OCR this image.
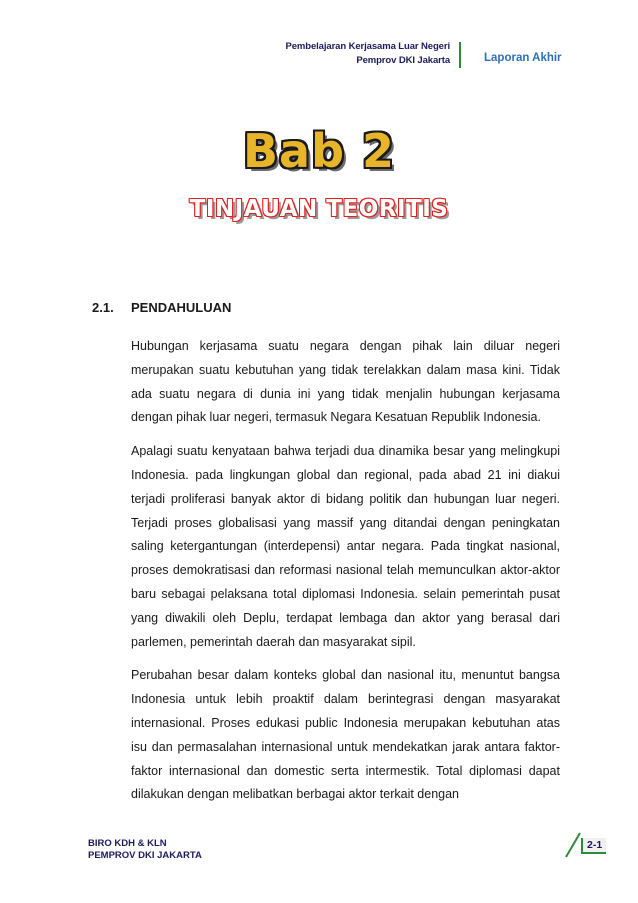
Pembelajaran Kerjasama Luar Negeri
Pemprov DKI Jakarta	Laporan Akhir
Bab 2
TINJAUAN TEORITIS
2.1. PENDAHULUAN

Hubungan kerjasama suatu negara dengan pihak lain diluar negeri merupakan suatu kebutuhan yang tidak terelakkan dalam masa kini. Tidak ada suatu negara di dunia ini yang tidak menjalin hubungan kerjasama dengan pihak luar negeri, termasuk Negara Kesatuan Republik Indonesia.

Apalagi suatu kenyataan bahwa terjadi dua dinamika besar yang melingkupi Indonesia. pada lingkungan global dan regional, pada abad 21 ini diakui terjadi proliferasi banyak aktor di bidang politik dan hubungan luar negeri. Terjadi proses globalisasi yang massif yang ditandai dengan peningkatan saling ketergantungan (interdepensi) antar negara. Pada tingkat nasional, proses demokratisasi dan reformasi nasional telah memunculkan aktor-aktor baru sebagai pelaksana total diplomasi Indonesia. selain pemerintah pusat yang diwakili oleh Deplu, terdapat lembaga dan aktor yang berasal dari parlemen, pemerintah daerah dan masyarakat sipil.

Perubahan besar dalam konteks global dan nasional itu, menuntut bangsa Indonesia untuk lebih proaktif dalam berintegrasi dengan masyarakat internasional. Proses edukasi public Indonesia merupakan kebutuhan atas isu dan permasalahan internasional untuk mendekatkan jarak antara faktor-faktor internasional dan domestic serta intermestik. Total diplomasi dapat dilakukan dengan melibatkan berbagai aktor terkait dengan

BIRO KDH & KLN
PEMPROV DKI JAKARTA
2-1
